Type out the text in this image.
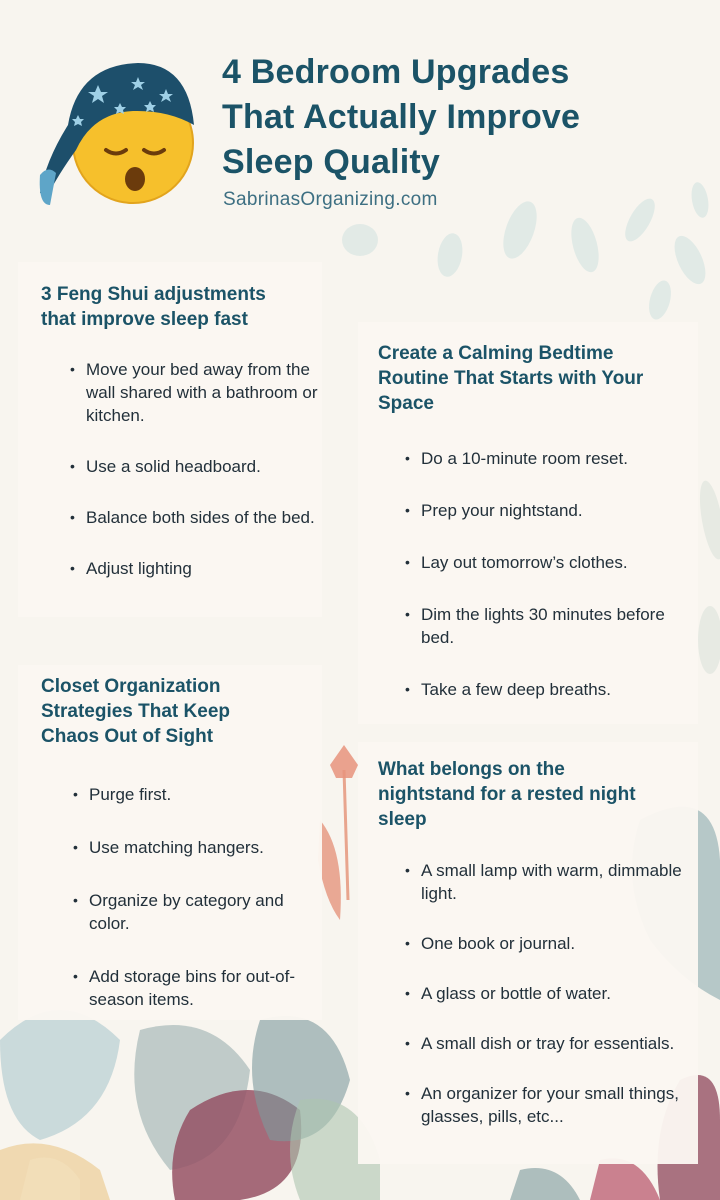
4 Bedroom Upgrades
That Actually Improve
Sleep Quality
SabrinasOrganizing.com
3 Feng Shui adjustments
that improve sleep fast
• Move your bed away from the wall shared with a bathroom or kitchen.
• Use a solid headboard.
• Balance both sides of the bed.
• Adjust lighting
Create a Calming Bedtime
Routine That Starts with Your
Space
• Do a 10-minute room reset.
• Prep your nightstand.
• Lay out tomorrow’s clothes.
• Dim the lights 30 minutes before bed.
• Take a few deep breaths.
Closet Organization
Strategies That Keep
Chaos Out of Sight
• Purge first.
• Use matching hangers.
• Organize by category and color.
• Add storage bins for out-of-season items.
What belongs on the
nightstand for a rested night
sleep
• A small lamp with warm, dimmable light.
• One book or journal.
• A glass or bottle of water.
• A small dish or tray for essentials.
• An organizer for your small things, glasses, pills, etc...
